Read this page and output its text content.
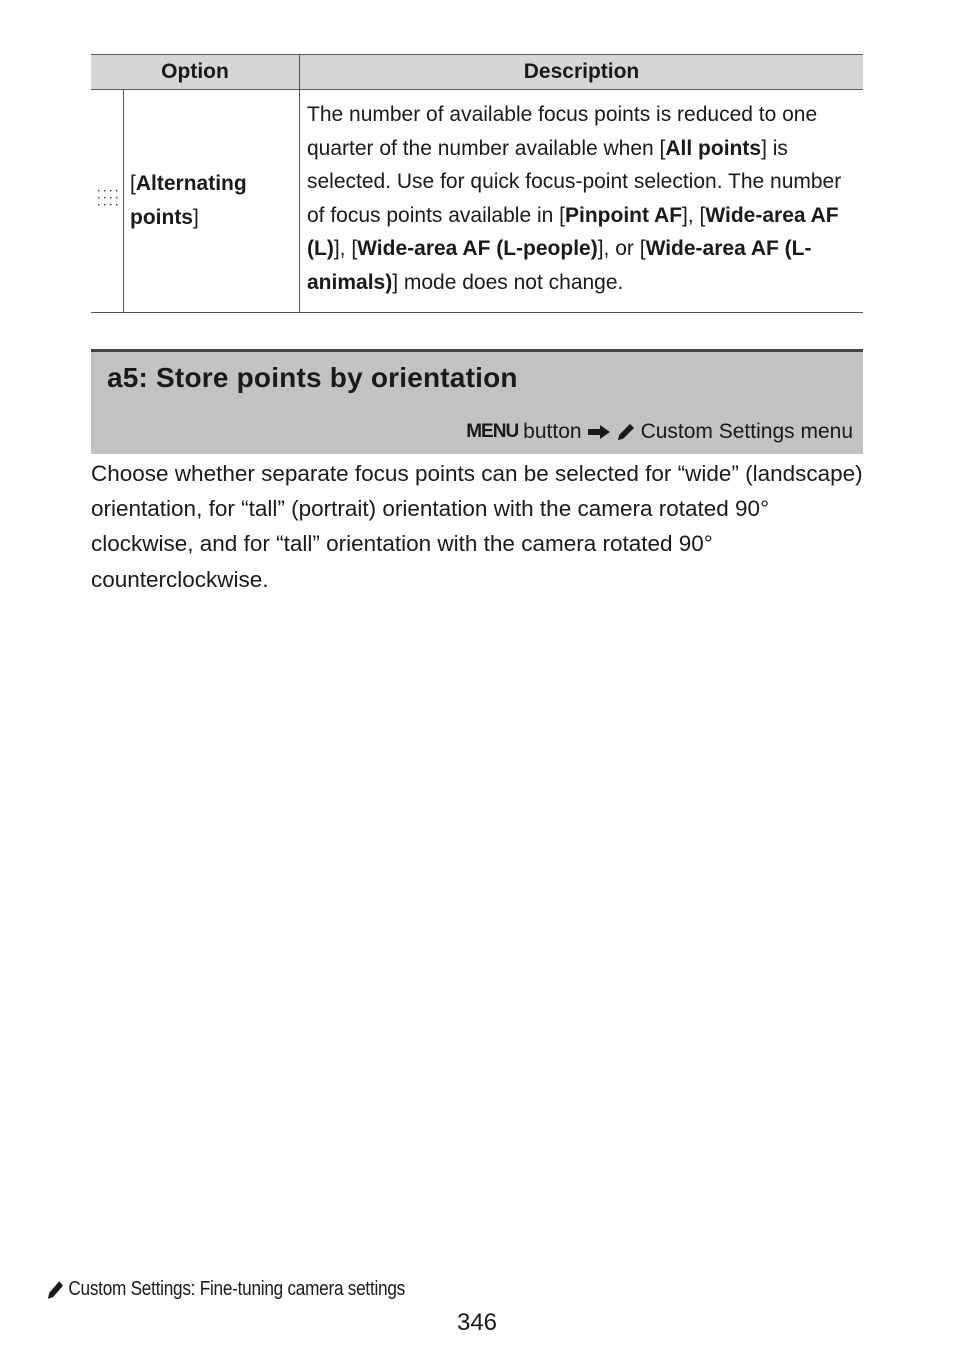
Option		Description
	[Alternating points]	The number of available focus points is reduced to one quarter of the number available when [All points] is selected. Use for quick focus-point selection. The number of focus points available in [Pinpoint AF], [Wide-area AF (L)], [Wide-area AF (L-people)], or [Wide-area AF (L-animals)] mode does not change.
a5: Store points by orientation
MENU button	Custom Settings menu

Choose whether separate focus points can be selected for “wide” (landscape) orientation, for “tall” (portrait) orientation with the camera rotated 90° clockwise, and for “tall” orientation with the camera rotated 90° counterclockwise.

Custom Settings: Fine-tuning camera settings
346
